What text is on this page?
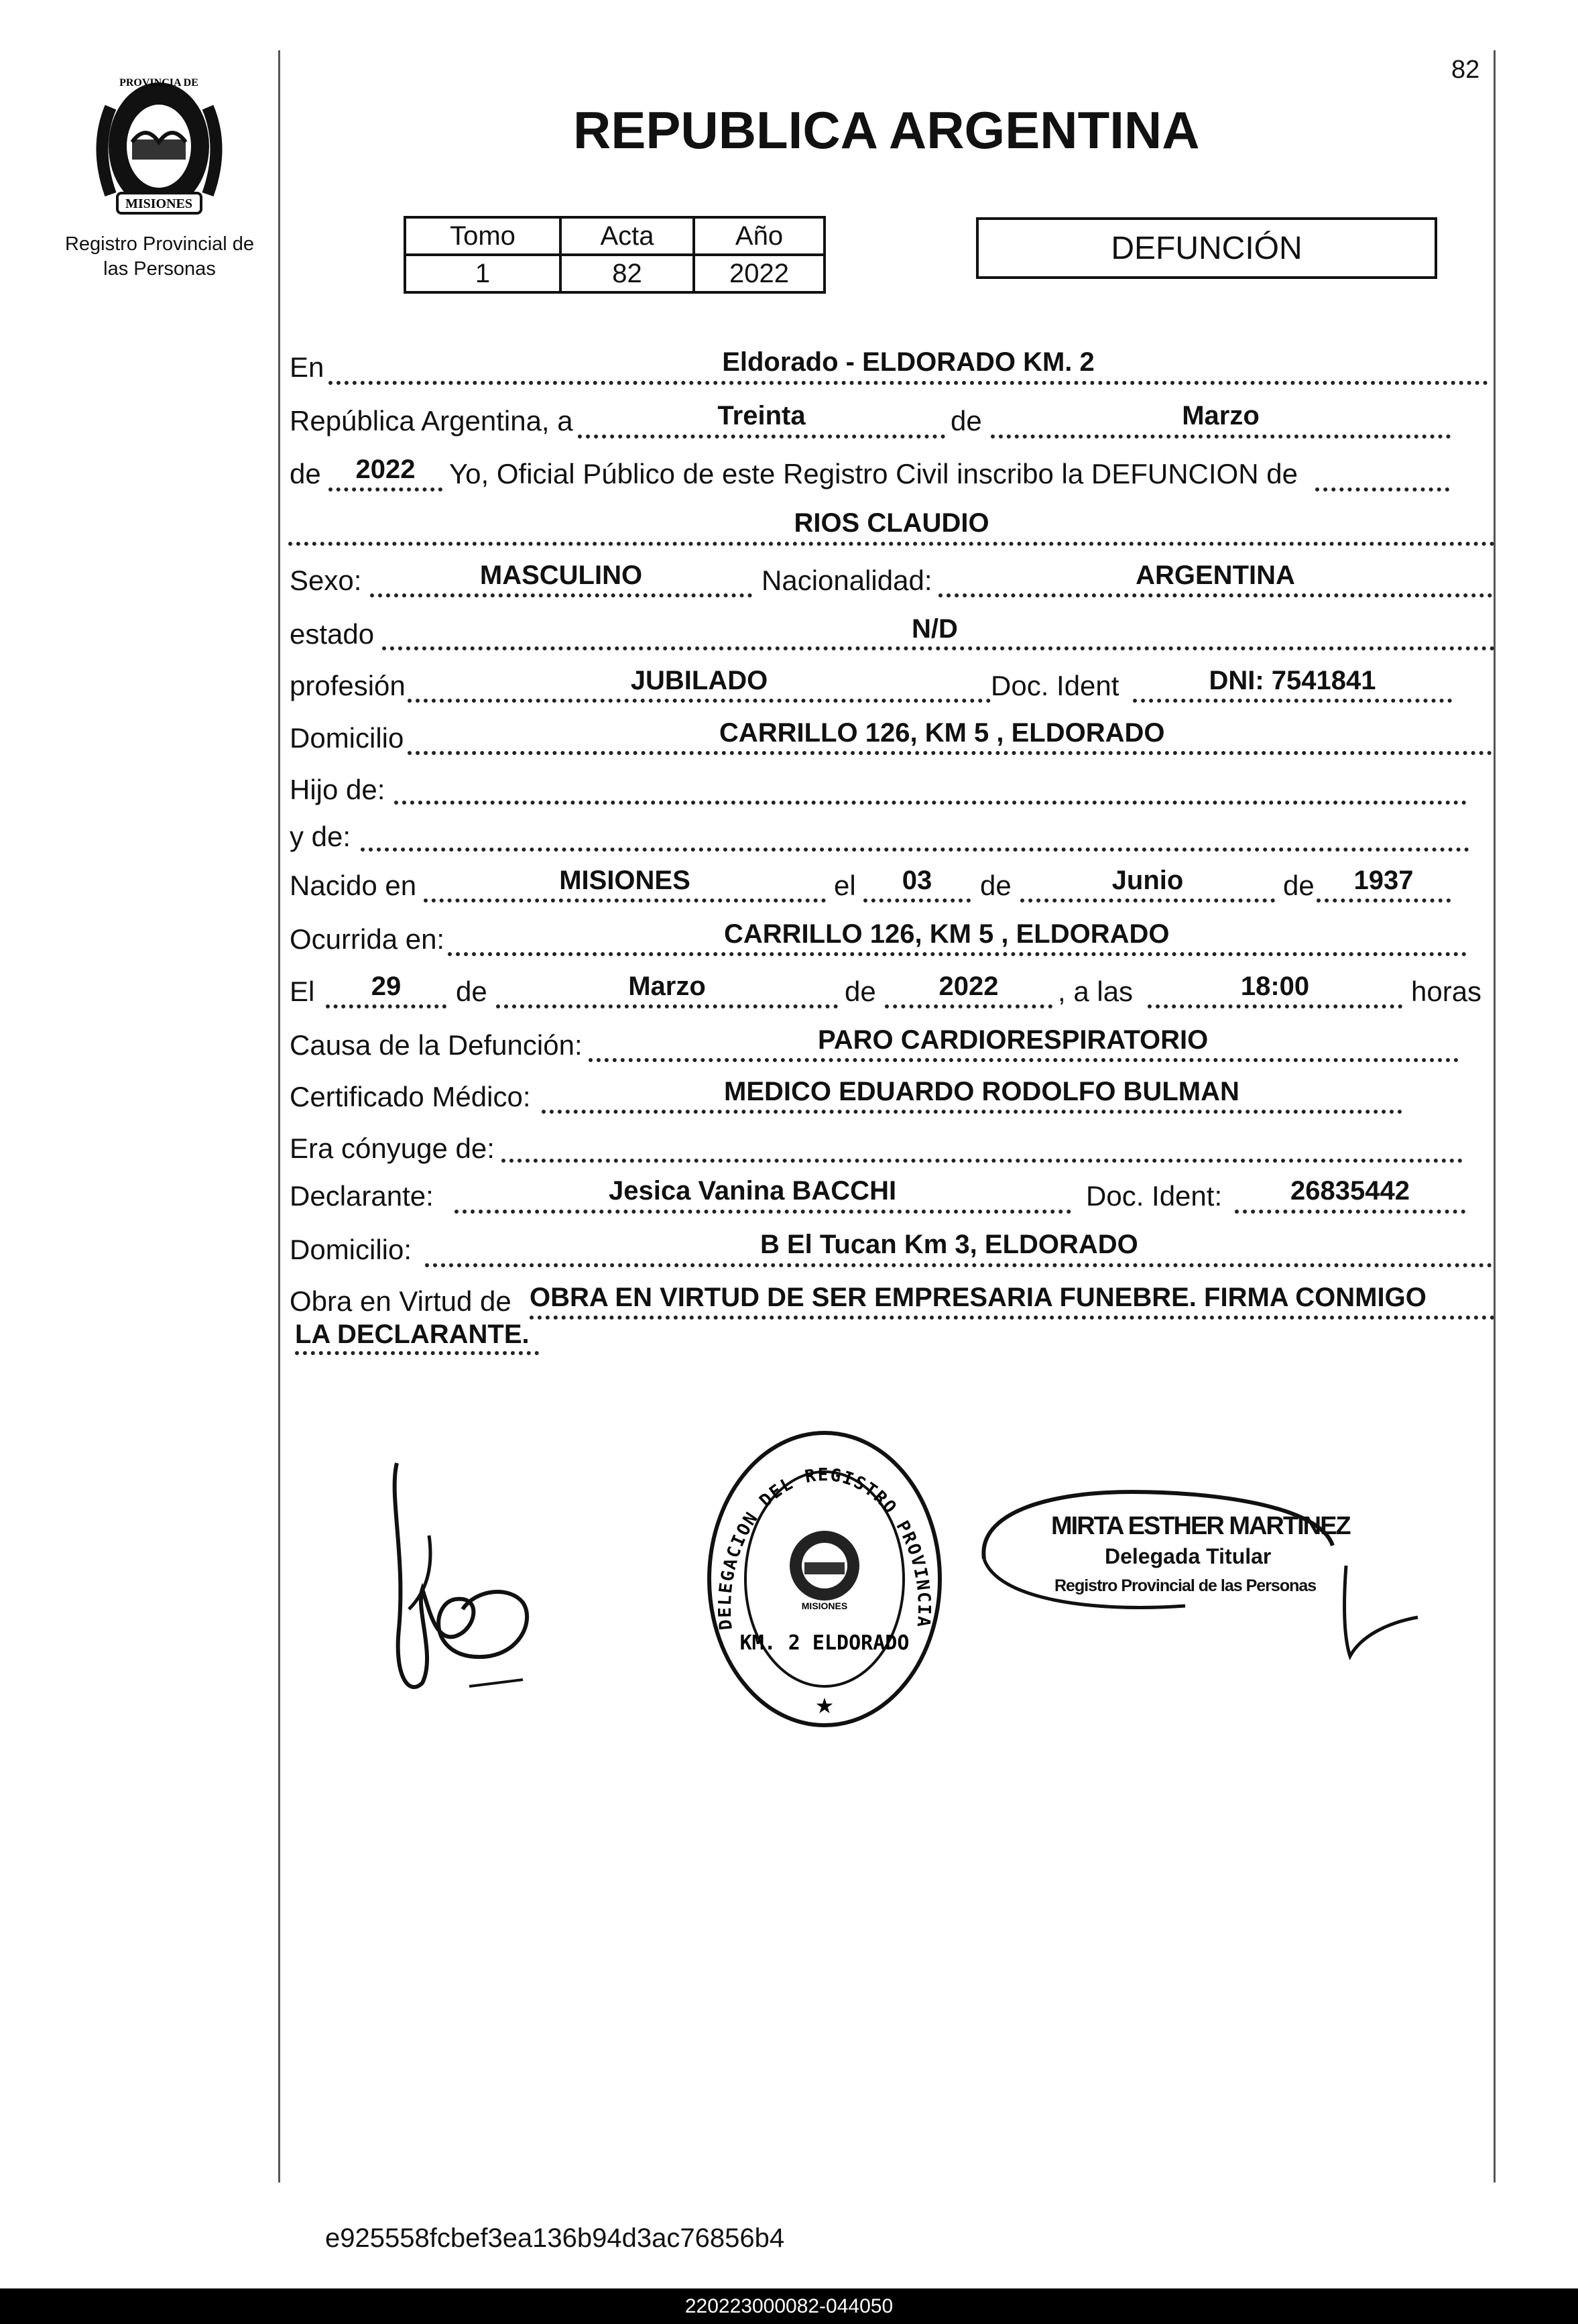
82
MISIONES
PROVINCIA DE
Registro Provincial de
las Personas
REPUBLICA ARGENTINA
Tomo	Acta	Año
1	82	2022
DEFUNCIÓN
En	Eldorado - ELDORADO KM. 2
República Argentina, a	Treinta	de	Marzo
de	2022	Yo, Oficial Público de este Registro Civil inscribo la DEFUNCION de
RIOS CLAUDIO
Sexo:	MASCULINO	Nacionalidad:	ARGENTINA
estado	N/D
profesión	JUBILADO	Doc. Ident	DNI: 7541841
Domicilio	CARRILLO 126, KM 5 , ELDORADO
Hijo de:
y de:
Nacido en	MISIONES	el	03	de	Junio	de	1937
Ocurrida en:	CARRILLO 126, KM 5 , ELDORADO
El	29	de	Marzo	de	2022	, a las	18:00	horas
Causa de la Defunción:	PARO CARDIORESPIRATORIO
Certificado Médico:	MEDICO EDUARDO RODOLFO BULMAN
Era cónyuge de:
Declarante:	Jesica Vanina BACCHI	Doc. Ident:	26835442
Domicilio:	B El Tucan Km 3, ELDORADO
Obra en Virtud de OBRA EN VIRTUD DE SER EMPRESARIA FUNEBRE. FIRMA CONMIGO
LA DECLARANTE.
DELEGACION DEL REGISTRO PROVINCIA
MISIONES
KM. 2 ELDORADO
★
MIRTA ESTHER MARTINEZ
Delegada Titular
Registro Provincial de las Personas
e925558fcbef3ea136b94d3ac76856b4
220223000082-044050
